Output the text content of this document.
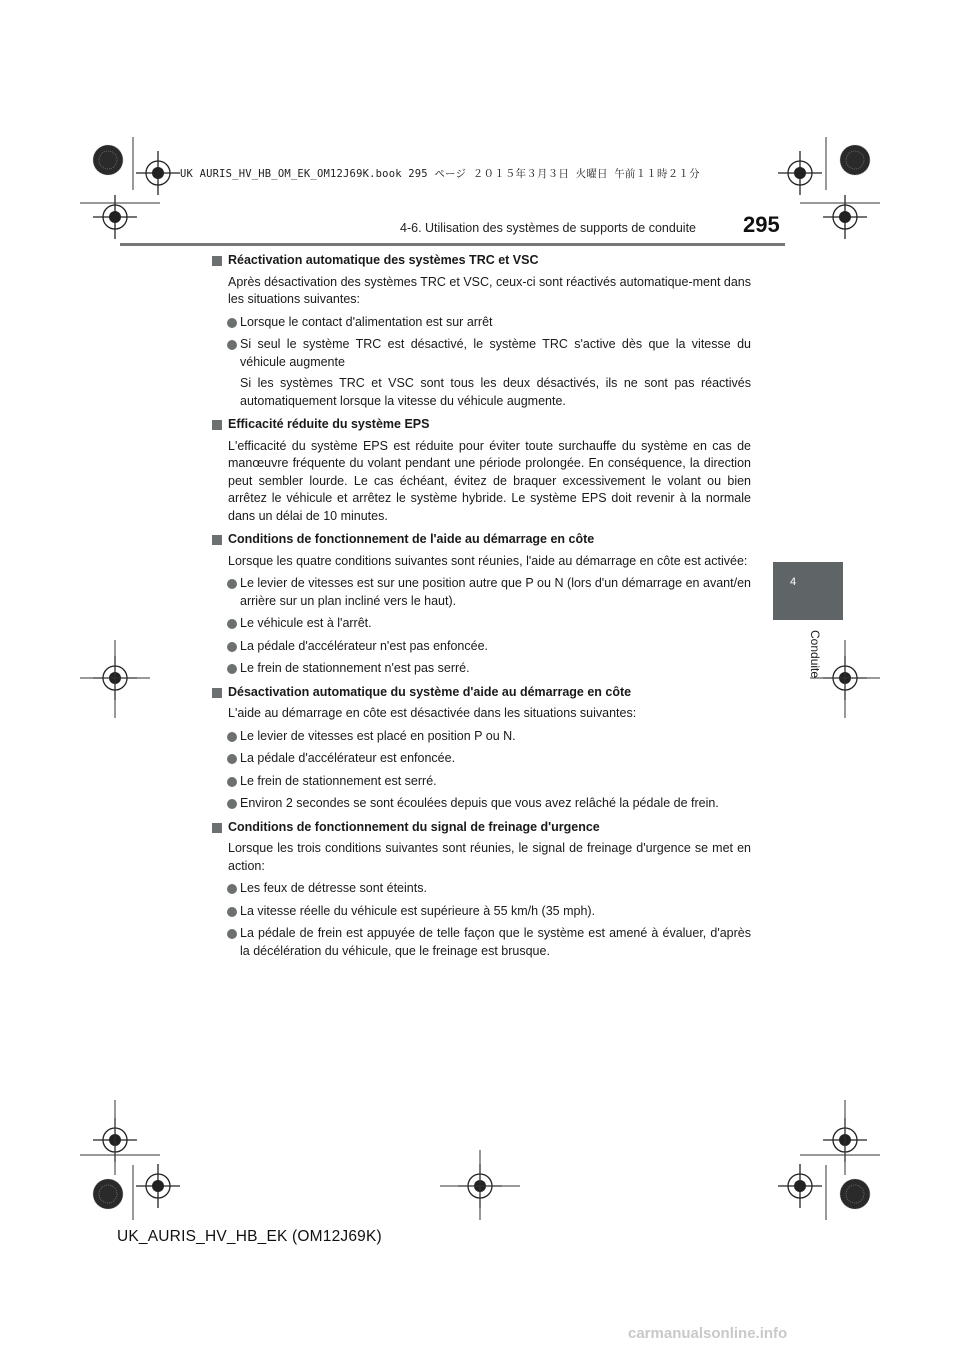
UK AURIS_HV_HB_OM_EK_OM12J69K.book 295 ページ ２０１５年３月３日 火曜日 午前１１時２１分
4-6. Utilisation des systèmes de supports de conduite 295
4
Conduite
Réactivation automatique des systèmes TRC et VSC
Après désactivation des systèmes TRC et VSC, ceux-ci sont réactivés automatique-ment dans les situations suivantes:
Lorsque le contact d'alimentation est sur arrêt
Si seul le système TRC est désactivé, le système TRC s'active dès que la vitesse du véhicule augmente
Si les systèmes TRC et VSC sont tous les deux désactivés, ils ne sont pas réactivés automatiquement lorsque la vitesse du véhicule augmente.
Efficacité réduite du système EPS
L'efficacité du système EPS est réduite pour éviter toute surchauffe du système en cas de manœuvre fréquente du volant pendant une période prolongée. En conséquence, la direction peut sembler lourde. Le cas échéant, évitez de braquer excessivement le volant ou bien arrêtez le véhicule et arrêtez le système hybride. Le système EPS doit revenir à la normale dans un délai de 10 minutes.
Conditions de fonctionnement de l'aide au démarrage en côte
Lorsque les quatre conditions suivantes sont réunies, l'aide au démarrage en côte est activée:
Le levier de vitesses est sur une position autre que P ou N (lors d'un démarrage en avant/en arrière sur un plan incliné vers le haut).
Le véhicule est à l'arrêt.
La pédale d'accélérateur n'est pas enfoncée.
Le frein de stationnement n'est pas serré.
Désactivation automatique du système d'aide au démarrage en côte
L'aide au démarrage en côte est désactivée dans les situations suivantes:
Le levier de vitesses est placé en position P ou N.
La pédale d'accélérateur est enfoncée.
Le frein de stationnement est serré.
Environ 2 secondes se sont écoulées depuis que vous avez relâché la pédale de frein.
Conditions de fonctionnement du signal de freinage d'urgence
Lorsque les trois conditions suivantes sont réunies, le signal de freinage d'urgence se met en action:
Les feux de détresse sont éteints.
La vitesse réelle du véhicule est supérieure à 55 km/h (35 mph).
La pédale de frein est appuyée de telle façon que le système est amené à évaluer, d'après la décélération du véhicule, que le freinage est brusque.
UK_AURIS_HV_HB_EK (OM12J69K)
carmanualsonline.info
